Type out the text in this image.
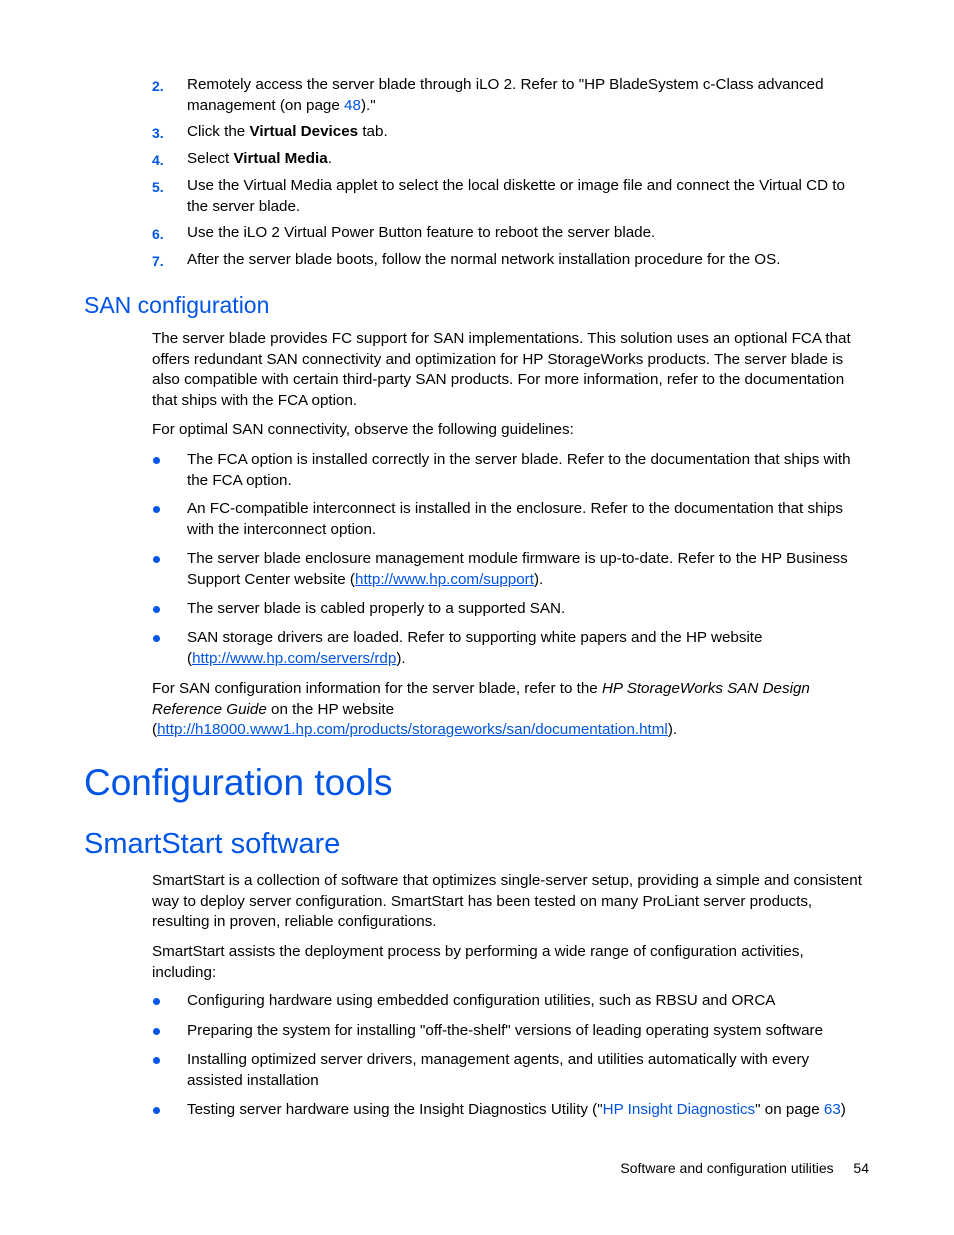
2. Remotely access the server blade through iLO 2. Refer to "HP BladeSystem c-Class advanced management (on page 48)."
3. Click the Virtual Devices tab.
4. Select Virtual Media.
5. Use the Virtual Media applet to select the local diskette or image file and connect the Virtual CD to the server blade.
6. Use the iLO 2 Virtual Power Button feature to reboot the server blade.
7. After the server blade boots, follow the normal network installation procedure for the OS.
SAN configuration
The server blade provides FC support for SAN implementations. This solution uses an optional FCA that offers redundant SAN connectivity and optimization for HP StorageWorks products. The server blade is also compatible with certain third-party SAN products. For more information, refer to the documentation that ships with the FCA option.
For optimal SAN connectivity, observe the following guidelines:
The FCA option is installed correctly in the server blade. Refer to the documentation that ships with the FCA option.
An FC-compatible interconnect is installed in the enclosure. Refer to the documentation that ships with the interconnect option.
The server blade enclosure management module firmware is up-to-date. Refer to the HP Business Support Center website (http://www.hp.com/support).
The server blade is cabled properly to a supported SAN.
SAN storage drivers are loaded. Refer to supporting white papers and the HP website (http://www.hp.com/servers/rdp).
For SAN configuration information for the server blade, refer to the HP StorageWorks SAN Design Reference Guide on the HP website (http://h18000.www1.hp.com/products/storageworks/san/documentation.html).
Configuration tools
SmartStart software
SmartStart is a collection of software that optimizes single-server setup, providing a simple and consistent way to deploy server configuration. SmartStart has been tested on many ProLiant server products, resulting in proven, reliable configurations.
SmartStart assists the deployment process by performing a wide range of configuration activities, including:
Configuring hardware using embedded configuration utilities, such as RBSU and ORCA
Preparing the system for installing "off-the-shelf" versions of leading operating system software
Installing optimized server drivers, management agents, and utilities automatically with every assisted installation
Testing server hardware using the Insight Diagnostics Utility ("HP Insight Diagnostics" on page 63)
Software and configuration utilities 54
